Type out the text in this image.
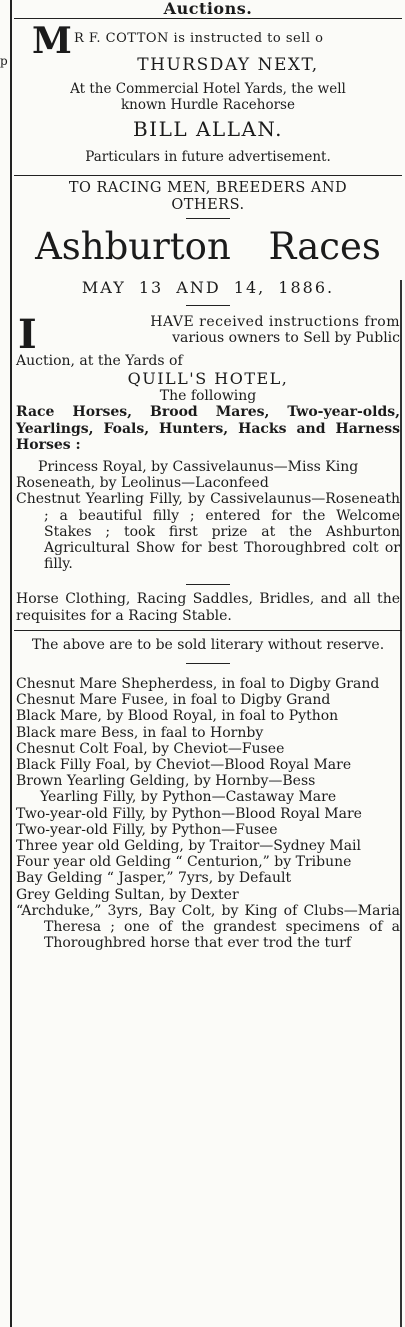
p
Auctions.
M R F. COTTON is instructed to sell o
THURSDAY NEXT,
At the Commercial Hotel Yards, the well
known Hurdle Racehorse
BILL ALLAN.
Particulars in future advertisement.
TO RACING MEN, BREEDERS AND
OTHERS.
Ashburton Races
MAY 13 AND 14, 1886.
I	HAVE received instructions from
various owners to Sell by Public
Auction, at the Yards of
QUILL'S HOTEL,
The following
Race Horses, Brood Mares, Two-year-olds, Yearlings, Foals, Hunters, Hacks and Harness Horses :
Princess Royal, by Cassivelaunus—Miss King
Roseneath, by Leolinus—Laconfeed
Chestnut Yearling Filly, by Cassivelaunus—Roseneath ; a beautiful filly ; entered for the Welcome Stakes ; took first prize at the Ashburton Agricultural Show for best Thoroughbred colt or filly.
Horse Clothing, Racing Saddles, Bridles, and all the requisites for a Racing Stable.
The above are to be sold literary without reserve.
Chesnut Mare Shepherdess, in foal to Digby Grand
Chesnut Mare Fusee, in foal to Digby Grand
Black Mare, by Blood Royal, in foal to Python
Black mare Bess, in faal to Hornby
Chesnut Colt Foal, by Cheviot—Fusee
Black Filly Foal, by Cheviot—Blood Royal Mare
Brown Yearling Gelding, by Hornby—Bess
Yearling Filly, by Python—Castaway Mare
Two-year-old Filly, by Python—Blood Royal Mare
Two-year-old Filly, by Python—Fusee
Three year old Gelding, by Traitor—Sydney Mail
Four year old Gelding “ Centurion,” by Tribune
Bay Gelding “ Jasper,” 7yrs, by Default
Grey Gelding Sultan, by Dexter
“Archduke,” 3yrs, Bay Colt, by King of Clubs—Maria Theresa ; one of the grandest specimens of a Thoroughbred horse that ever trod the turf
